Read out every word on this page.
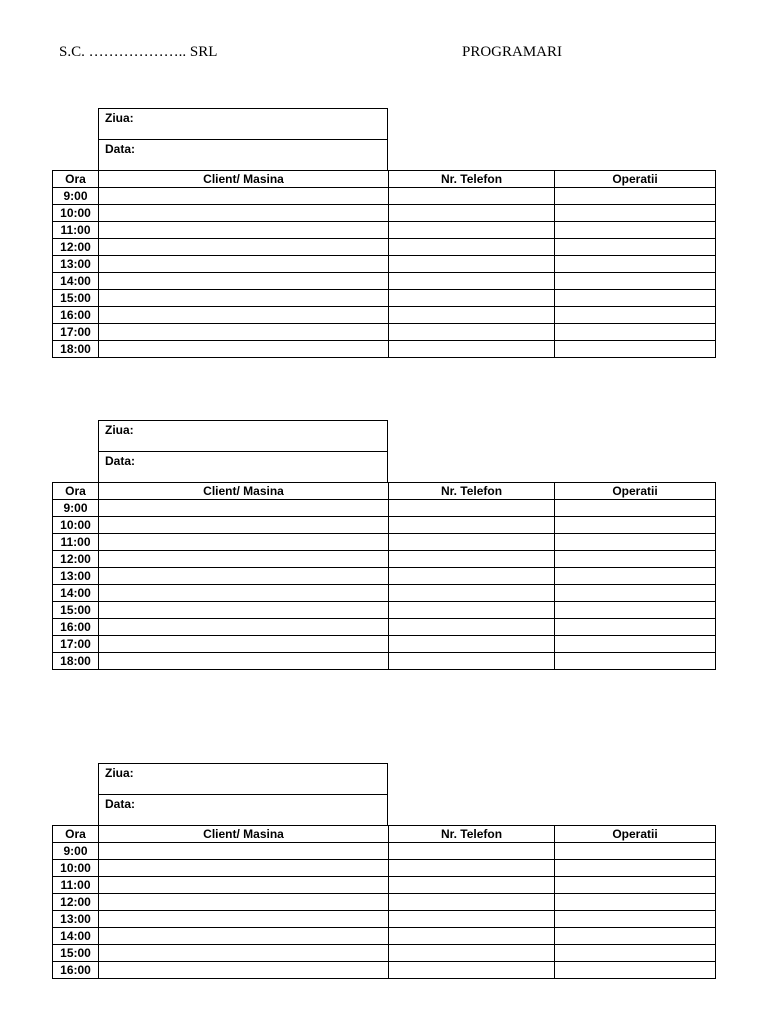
S.C. ……………….. SRL	PROGRAMARI
Ziua:
Data:
Ora	Client/ Masina	Nr. Telefon	Operatii
9:00			
10:00			
11:00			
12:00			
13:00			
14:00			
15:00			
16:00			
17:00			
18:00			
Ziua:
Data:
Ora	Client/ Masina	Nr. Telefon	Operatii
9:00			
10:00			
11:00			
12:00			
13:00			
14:00			
15:00			
16:00			
17:00			
18:00			
Ziua:
Data:
Ora	Client/ Masina	Nr. Telefon	Operatii
9:00			
10:00			
11:00			
12:00			
13:00			
14:00			
15:00			
16:00			
